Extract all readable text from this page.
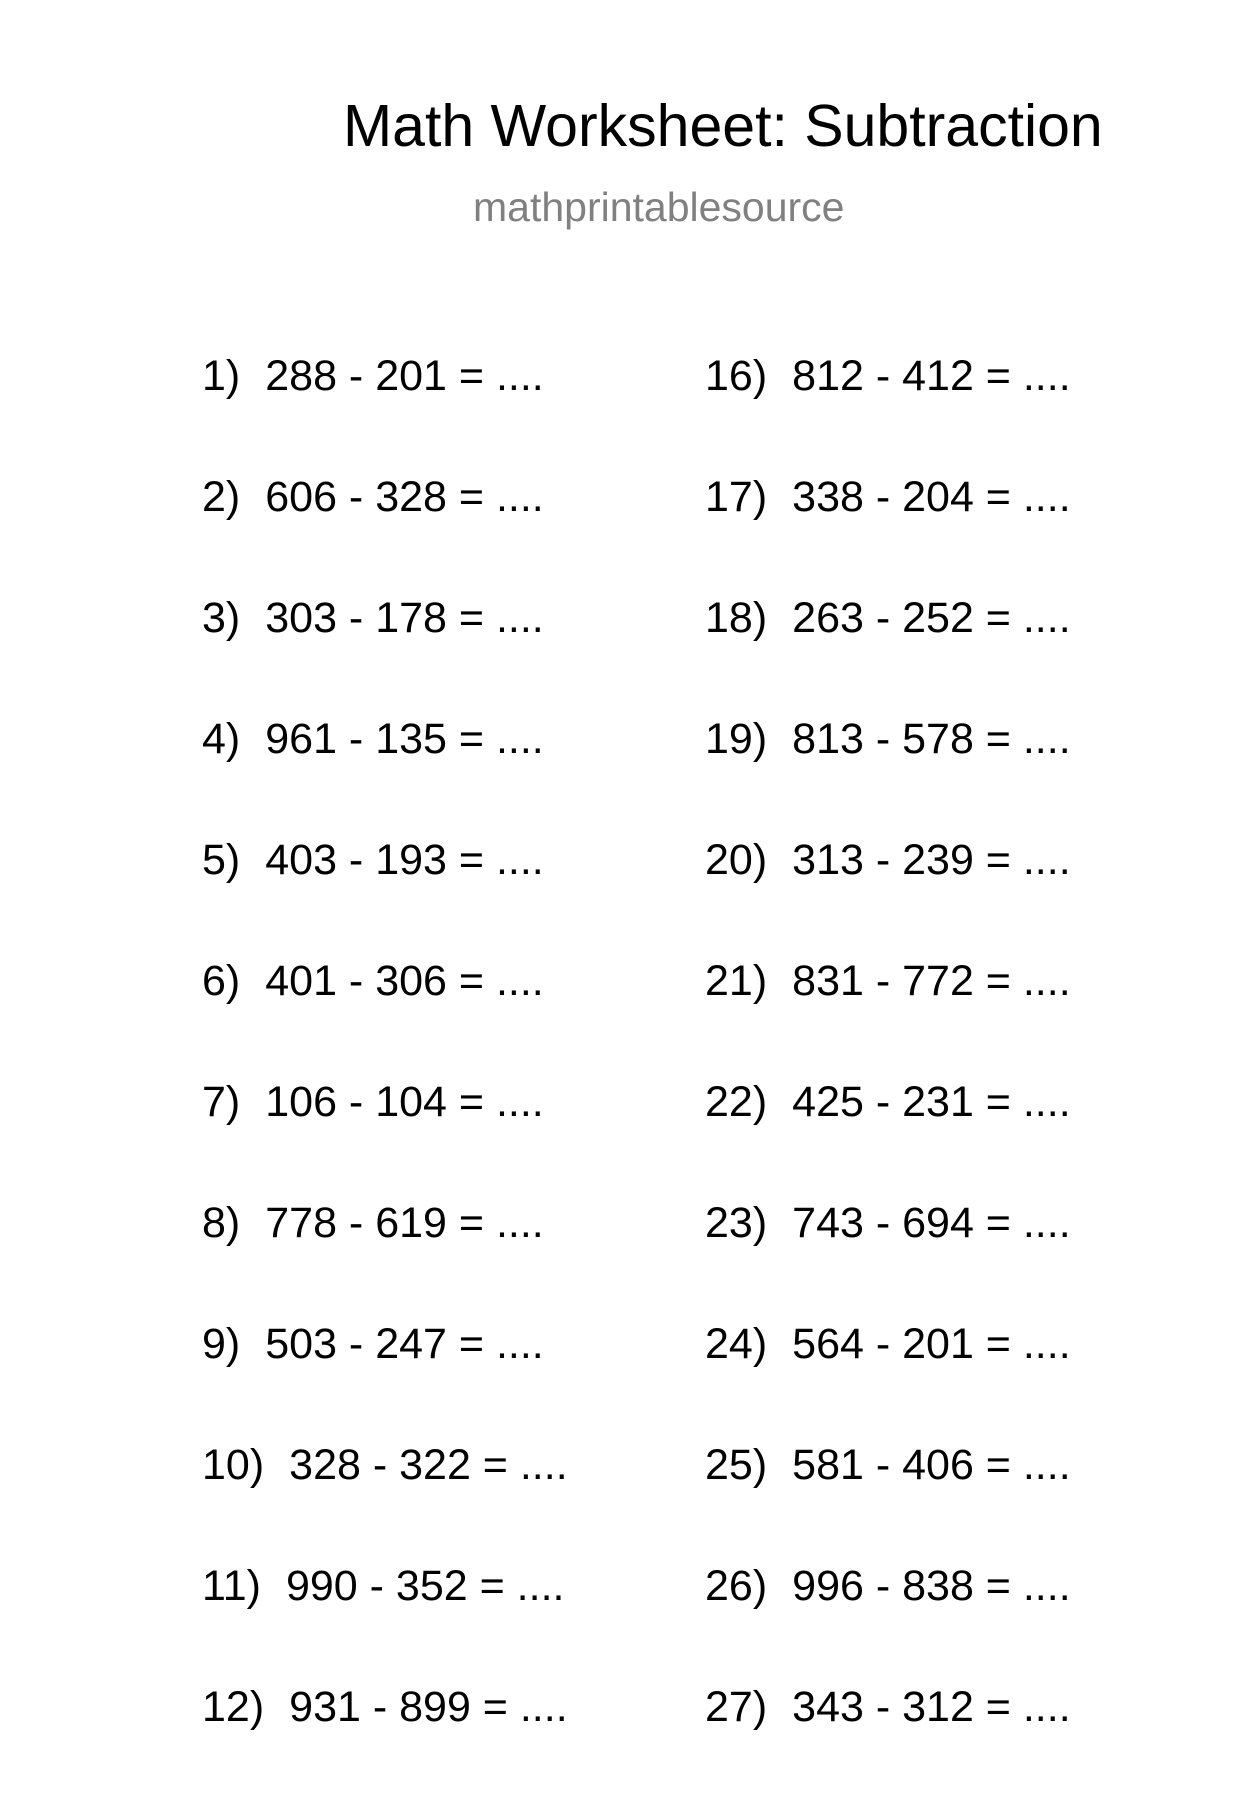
Math Worksheet: Subtraction
mathprintablesource
1) 288 - 201 = ....
2) 606 - 328 = ....
3) 303 - 178 = ....
4) 961 - 135 = ....
5) 403 - 193 = ....
6) 401 - 306 = ....
7) 106 - 104 = ....
8) 778 - 619 = ....
9) 503 - 247 = ....
10) 328 - 322 = ....
11) 990 - 352 = ....
12) 931 - 899 = ....
16) 812 - 412 = ....
17) 338 - 204 = ....
18) 263 - 252 = ....
19) 813 - 578 = ....
20) 313 - 239 = ....
21) 831 - 772 = ....
22) 425 - 231 = ....
23) 743 - 694 = ....
24) 564 - 201 = ....
25) 581 - 406 = ....
26) 996 - 838 = ....
27) 343 - 312 = ....
